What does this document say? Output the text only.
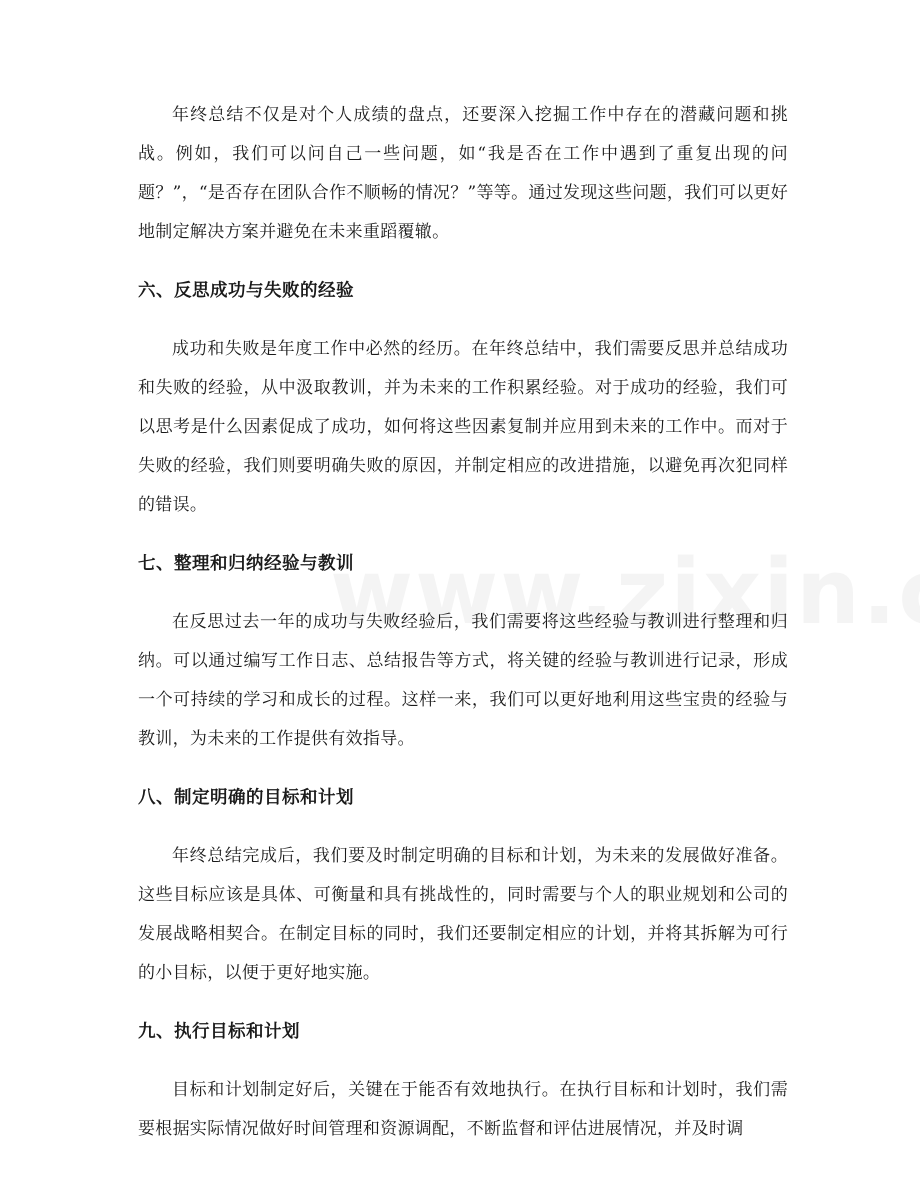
年终总结不仅是对个人成绩的盘点，还要深入挖掘工作中存在的潜藏问题和挑战。例如，我们可以问自己一些问题，如“我是否在工作中遇到了重复出现的问题？”，“是否存在团队合作不顺畅的情况？”等等。通过发现这些问题，我们可以更好地制定解决方案并避免在未来重蹈覆辙。

六、反思成功与失败的经验

成功和失败是年度工作中必然的经历。在年终总结中，我们需要反思并总结成功和失败的经验，从中汲取教训，并为未来的工作积累经验。对于成功的经验，我们可以思考是什么因素促成了成功，如何将这些因素复制并应用到未来的工作中。而对于失败的经验，我们则要明确失败的原因，并制定相应的改进措施，以避免再次犯同样的错误。

七、整理和归纳经验与教训

在反思过去一年的成功与失败经验后，我们需要将这些经验与教训进行整理和归纳。可以通过编写工作日志、总结报告等方式，将关键的经验与教训进行记录，形成一个可持续的学习和成长的过程。这样一来，我们可以更好地利用这些宝贵的经验与教训，为未来的工作提供有效指导。

八、制定明确的目标和计划

年终总结完成后，我们要及时制定明确的目标和计划，为未来的发展做好准备。这些目标应该是具体、可衡量和具有挑战性的，同时需要与个人的职业规划和公司的发展战略相契合。在制定目标的同时，我们还要制定相应的计划，并将其拆解为可行的小目标，以便于更好地实施。

九、执行目标和计划

目标和计划制定好后，关键在于能否有效地执行。在执行目标和计划时，我们需要根据实际情况做好时间管理和资源调配，不断监督和评估进展情况，并及时调
